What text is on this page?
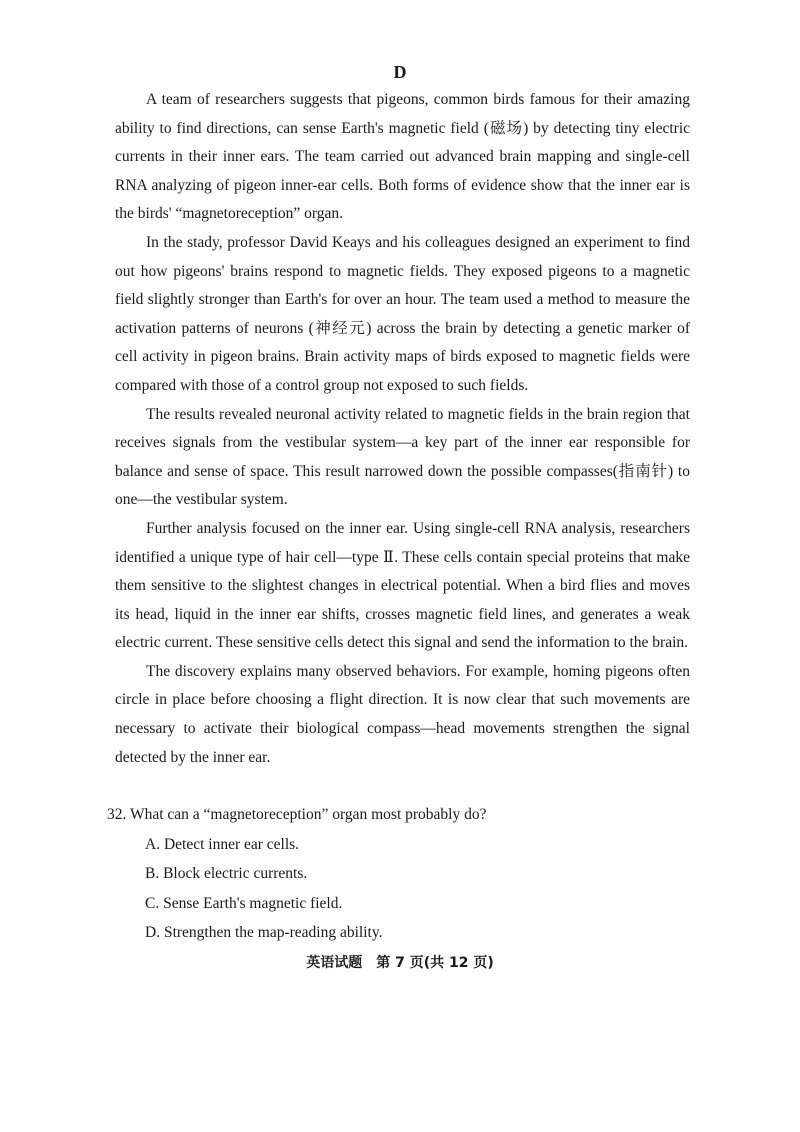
D

A team of researchers suggests that pigeons, common birds famous for their amazing ability to find directions, can sense Earth's magnetic field (磁场) by detecting tiny electric currents in their inner ears. The team carried out advanced brain mapping and single-cell RNA analyzing of pigeon inner-ear cells. Both forms of evidence show that the inner ear is the birds' “magnetoreception” organ.

In the stady, professor David Keays and his colleagues designed an experiment to find out how pigeons' brains respond to magnetic fields. They exposed pigeons to a magnetic field slightly stronger than Earth's for over an hour. The team used a method to measure the activation patterns of neurons (神经元) across the brain by detecting a genetic marker of cell activity in pigeon brains. Brain activity maps of birds exposed to magnetic fields were compared with those of a control group not exposed to such fields.

The results revealed neuronal activity related to magnetic fields in the brain region that receives signals from the vestibular system—a key part of the inner ear responsible for balance and sense of space. This result narrowed down the possible compasses(指南针) to one—the vestibular system.

Further analysis focused on the inner ear. Using single-cell RNA analysis, researchers identified a unique type of hair cell—type Ⅱ. These cells contain special proteins that make them sensitive to the slightest changes in electrical potential. When a bird flies and moves its head, liquid in the inner ear shifts, crosses magnetic field lines, and generates a weak electric current. These sensitive cells detect this signal and send the information to the brain.

The discovery explains many observed behaviors. For example, homing pigeons often circle in place before choosing a flight direction. It is now clear that such movements are necessary to activate their biological compass—head movements strengthen the signal detected by the inner ear.

32. What can a “magnetoreception” organ most probably do?

A. Detect inner ear cells.

B. Block electric currents.

C. Sense Earth's magnetic field.

D. Strengthen the map-reading ability.

英语试题　第 7 页(共 12 页)
